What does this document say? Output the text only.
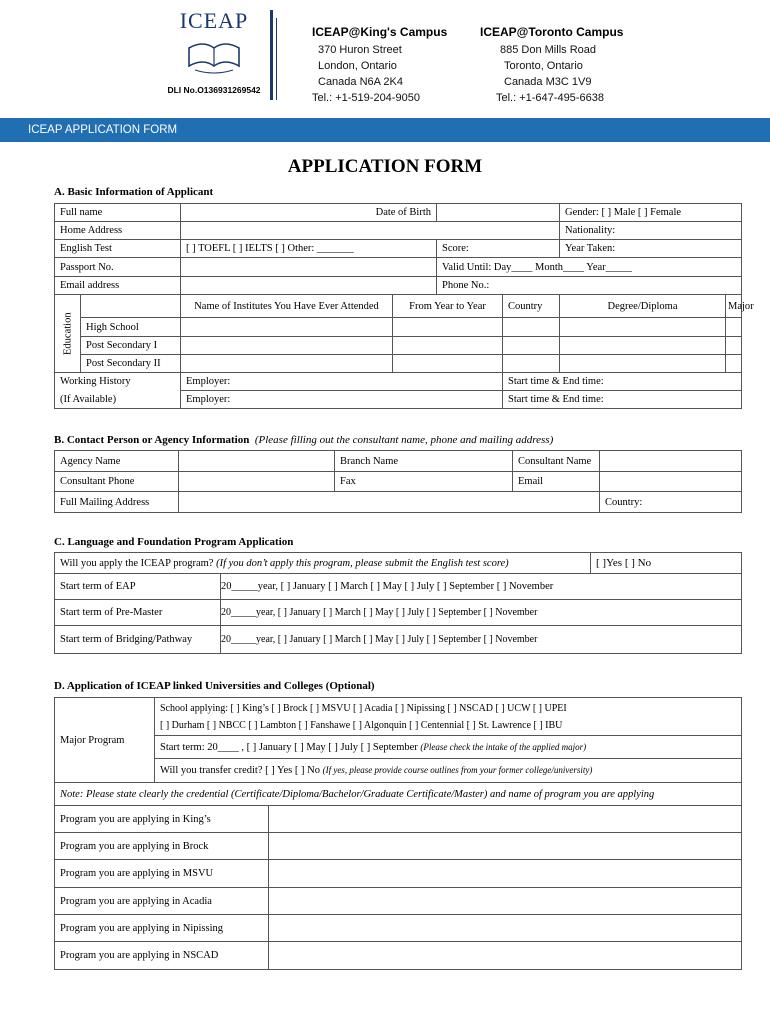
ICEAP
DLI No.O136931269542
ICEAP@King's Campus
370 Huron Street
London, Ontario
Canada N6A 2K4
Tel.: +1-519-204-9050
ICEAP@Toronto Campus
885 Don Mills Road
Toronto, Ontario
Canada M3C 1V9
Tel.: +1-647-495-6638
ICEAP APPLICATION FORM
APPLICATION FORM
A. Basic Information of Applicant
Full name		Date of Birth				Gender: [ ] Male [ ] Female	
Home Address						Nationality:	
English Test		[ ] TOEFL [ ] IELTS [ ] Other: _______		Score:		Year Taken:	
Passport No.				Valid Until: Day____ Month____ Year_____			
Email address				Phone No.:			
Education		Name of Institutes You Have Ever Attended	From Year to Year		Country	Degree/Diploma	Major
	High School						
	Post Secondary I						
	Post Secondary II						
Working History		Employer:			Start time & End time:		
(If Available)		Employer:			Start time & End time:		
B. Contact Person or Agency Information (Please filling out the consultant name, phone and mailing address)
Agency Name		Branch Name	Consultant Name	
Consultant Phone		Fax	Email	
Full Mailing Address				Country:
C. Language and Foundation Program Application
Will you apply the ICEAP program? (If you don’t apply this program, please submit the English test score)		[ ]Yes [ ] No
Start term of EAP	20_____year, [ ] January [ ] March [ ] May [ ] July [ ] September [ ] November	
Start term of Pre-Master	20_____year, [ ] January [ ] March [ ] May [ ] July [ ] September [ ] November	
Start term of Bridging/Pathway	20_____year, [ ] January [ ] March [ ] May [ ] July [ ] September [ ] November	
D. Application of ICEAP linked Universities and Colleges (Optional)
Major Program	School applying: [ ] King’s [ ] Brock [ ] MSVU [ ] Acadia [ ] Nipissing [ ] NSCAD [ ] UCW [ ] UPEI
[ ] Durham [ ] NBCC [ ] Lambton [ ] Fanshawe [ ] Algonquin [ ] Centennial [ ] St. Lawrence [ ] IBU	

	Start term: 20____ , [ ] January [ ] May [ ] July [ ] September (Please check the intake of the applied major)	
	Will you transfer credit? [ ] Yes [ ] No (If yes, please provide course outlines from your former college/university)	
Note: Please state clearly the credential (Certificate/Diploma/Bachelor/Graduate Certificate/Master) and name of program you are applying		
Program you are applying in King’s		
Program you are applying in Brock		
Program you are applying in MSVU		
Program you are applying in Acadia		
Program you are applying in Nipissing		
Program you are applying in NSCAD		
